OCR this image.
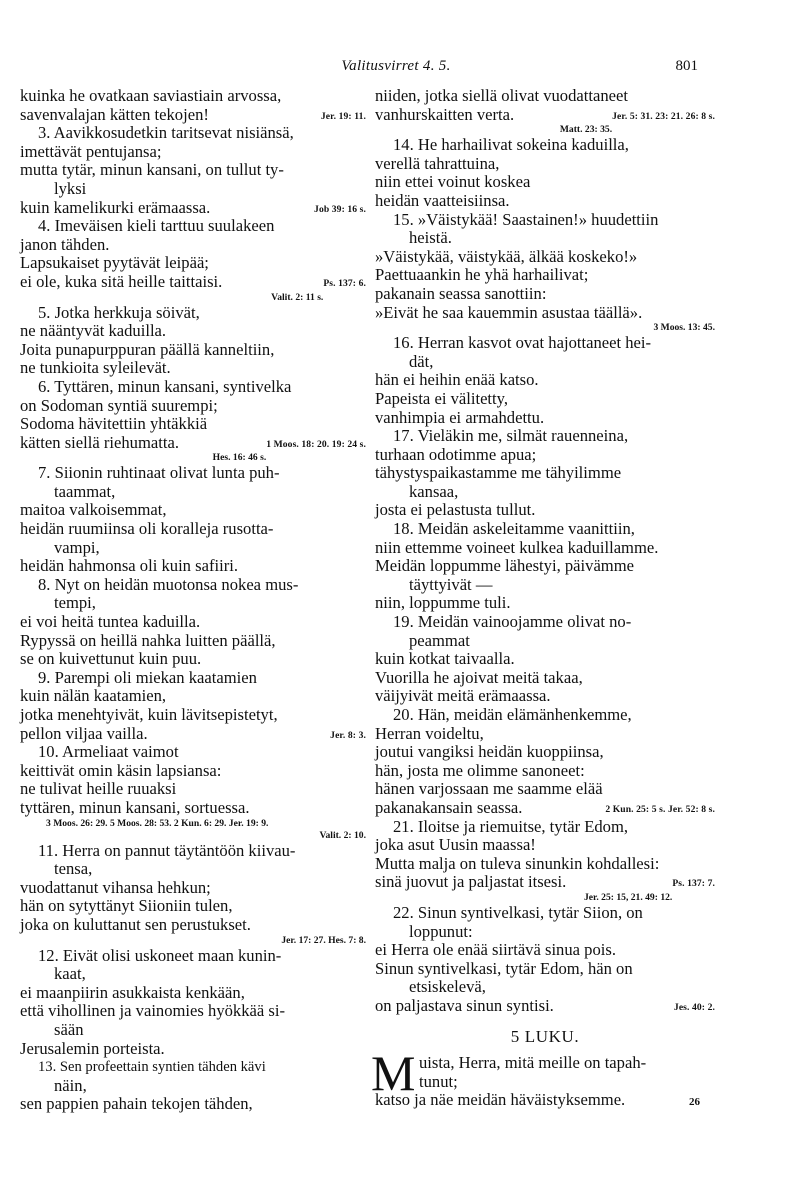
Valitusvirret 4. 5.	801
kuinka he ovatkaan saviastiain arvossa,
Jer. 19: 11.
savenvalajan kätten tekojen!
3. Aavikkosudetkin taritsevat nisiänsä,
imettävät pentujansa;
mutta tytär, minun kansani, on tullut ty-
lyksi
Job 39: 16 s.
kuin kamelikurki erämaassa.
4. Imeväisen kieli tarttuu suulakeen
janon tähden.
Lapsukaiset pyytävät leipää;
Ps. 137: 6.
ei ole, kuka sitä heille taittaisi.
Valit. 2: 11 s.
5. Jotka herkkuja söivät,
ne nääntyvät kaduilla.
Joita punapurppuran päällä kanneltiin,
ne tunkioita syleilevät.
6. Tyttären, minun kansani, syntivelka
on Sodoman syntiä suurempi;
Sodoma hävitettiin yhtäkkiä
1 Moos. 18: 20. 19: 24 s.
kätten siellä riehumatta.
Hes. 16: 46 s.
7. Siionin ruhtinaat olivat lunta puh-
taammat,
maitoa valkoisemmat,
heidän ruumiinsa oli koralleja rusotta-
vampi,
heidän hahmonsa oli kuin safiiri.
8. Nyt on heidän muotonsa nokea mus-
tempi,
ei voi heitä tuntea kaduilla.
Rypyssä on heillä nahka luitten päällä,
se on kuivettunut kuin puu.
9. Parempi oli miekan kaatamien
kuin nälän kaatamien,
jotka menehtyivät, kuin lävitsepistetyt,
Jer. 8: 3.
pellon viljaa vailla.
10. Armeliaat vaimot
keittivät omin käsin lapsiansa:
ne tulivat heille ruuaksi
tyttären, minun kansani, sortuessa.
3 Moos. 26: 29. 5 Moos. 28: 53. 2 Kun. 6: 29. Jer. 19: 9.
Valit. 2: 10.
11. Herra on pannut täytäntöön kiivau-
tensa,
vuodattanut vihansa hehkun;
hän on sytyttänyt Siioniin tulen,
joka on kuluttanut sen perustukset.
Jer. 17: 27. Hes. 7: 8.
12. Eivät olisi uskoneet maan kunin-
kaat,
ei maanpiirin asukkaista kenkään,
että vihollinen ja vainomies hyökkää si-
sään
Jerusalemin porteista.
13. Sen profeettain syntien tähden kävi
näin,
sen pappien pahain tekojen tähden,
niiden, jotka siellä olivat vuodattaneet
Jer. 5: 31. 23: 21. 26: 8 s.
vanhurskaitten verta.
Matt. 23: 35.
14. He harhailivat sokeina kaduilla,
verellä tahrattuina,
niin ettei voinut koskea
heidän vaatteisiinsa.
15. »Väistykää! Saastainen!» huudettiin
heistä.
»Väistykää, väistykää, älkää koskeko!»
Paettuaankin he yhä harhailivat;
pakanain seassa sanottiin:
»Eivät he saa kauemmin asustaa täällä».
3 Moos. 13: 45.
16. Herran kasvot ovat hajottaneet hei-
dät,
hän ei heihin enää katso.
Papeista ei välitetty,
vanhimpia ei armahdettu.
17. Vieläkin me, silmät rauenneina,
turhaan odotimme apua;
tähystyspaikastamme me tähyilimme
kansaa,
josta ei pelastusta tullut.
18. Meidän askeleitamme vaanittiin,
niin ettemme voineet kulkea kaduillamme.
Meidän loppumme lähestyi, päivämme
täyttyivät —
niin, loppumme tuli.
19. Meidän vainoojamme olivat no-
peammat
kuin kotkat taivaalla.
Vuorilla he ajoivat meitä takaa,
väijyivät meitä erämaassa.
20. Hän, meidän elämänhenkemme,
Herran voideltu,
joutui vangiksi heidän kuoppiinsa,
hän, josta me olimme sanoneet:
hänen varjossaan me saamme elää
2 Kun. 25: 5 s. Jer. 52: 8 s.
pakanakansain seassa.
21. Iloitse ja riemuitse, tytär Edom,
joka asut Uusin maassa!
Mutta malja on tuleva sinunkin kohdallesi:
Ps. 137: 7.
sinä juovut ja paljastat itsesi.
Jer. 25: 15, 21. 49: 12.
22. Sinun syntivelkasi, tytär Siion, on
loppunut:
ei Herra ole enää siirtävä sinua pois.
Sinun syntivelkasi, tytär Edom, hän on
etsiskelevä,
Jes. 40: 2.
on paljastava sinun syntisi.
5 LUKU.
M uista, Herra, mitä meille on tapah-
tunut;
katso ja näe meidän häväistyksemme.	26
